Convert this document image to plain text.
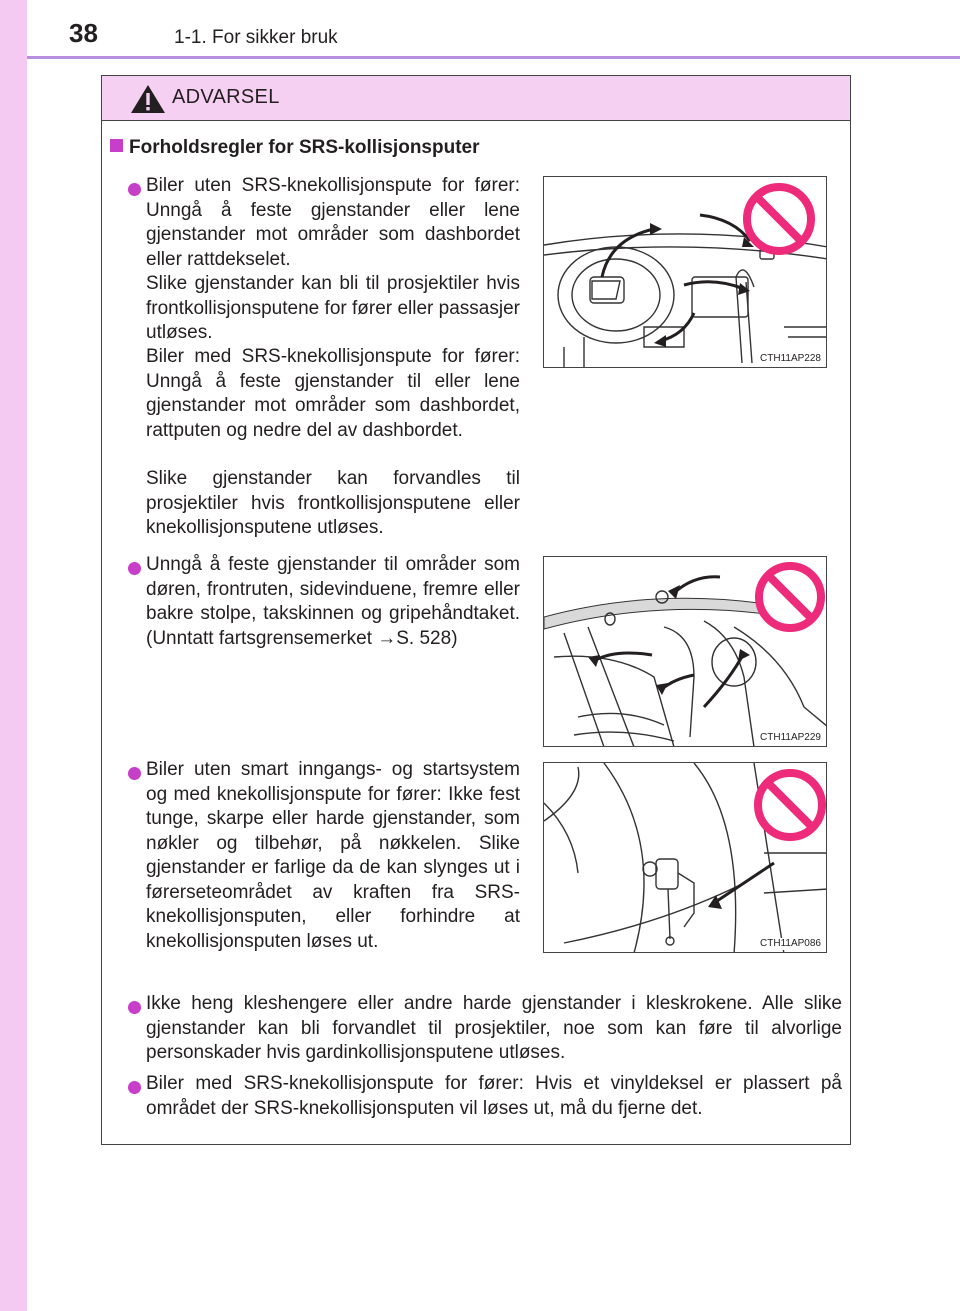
38	1-1. For sikker bruk
ADVARSEL
Forholdsregler for SRS-kollisjonsputer

Biler uten SRS-knekollisjonspute for fører: Unngå å feste gjenstander eller lene gjenstander mot områder som dashbordet eller rattdekselet.

Slike gjenstander kan bli til prosjektiler hvis frontkollisjonsputene for fører eller passasjer utløses.

Biler med SRS-knekollisjonspute for fører: Unngå å feste gjenstander til eller lene gjenstander mot områder som dashbordet, rattputen og nedre del av dashbordet.

Slike gjenstander kan forvandles til prosjektiler hvis frontkollisjonsputene eller knekollisjonsputene utløses.

CTH11AP228

Unngå å feste gjenstander til områder som døren, frontruten, sidevinduene, fremre eller bakre stolpe, takskinnen og gripehåndtaket. (Unntatt fartsgrensemerket →S. 528)

CTH11AP229

Biler uten smart inngangs- og startsystem og med knekollisjonspute for fører: Ikke fest tunge, skarpe eller harde gjenstander, som nøkler og tilbehør, på nøkkelen. Slike gjenstander er farlige da de kan slynges ut i førerseteområdet av kraften fra SRS-knekollisjonsputen, eller forhindre at knekollisjonsputen løses ut.	CTH11AP086

Ikke heng kleshengere eller andre harde gjenstander i kleskrokene. Alle slike gjenstander kan bli forvandlet til prosjektiler, noe som kan føre til alvorlige personskader hvis gardinkollisjonsputene utløses.

Biler med SRS-knekollisjonspute for fører: Hvis et vinyldeksel er plassert på området der SRS-knekollisjonsputen vil løses ut, må du fjerne det.
